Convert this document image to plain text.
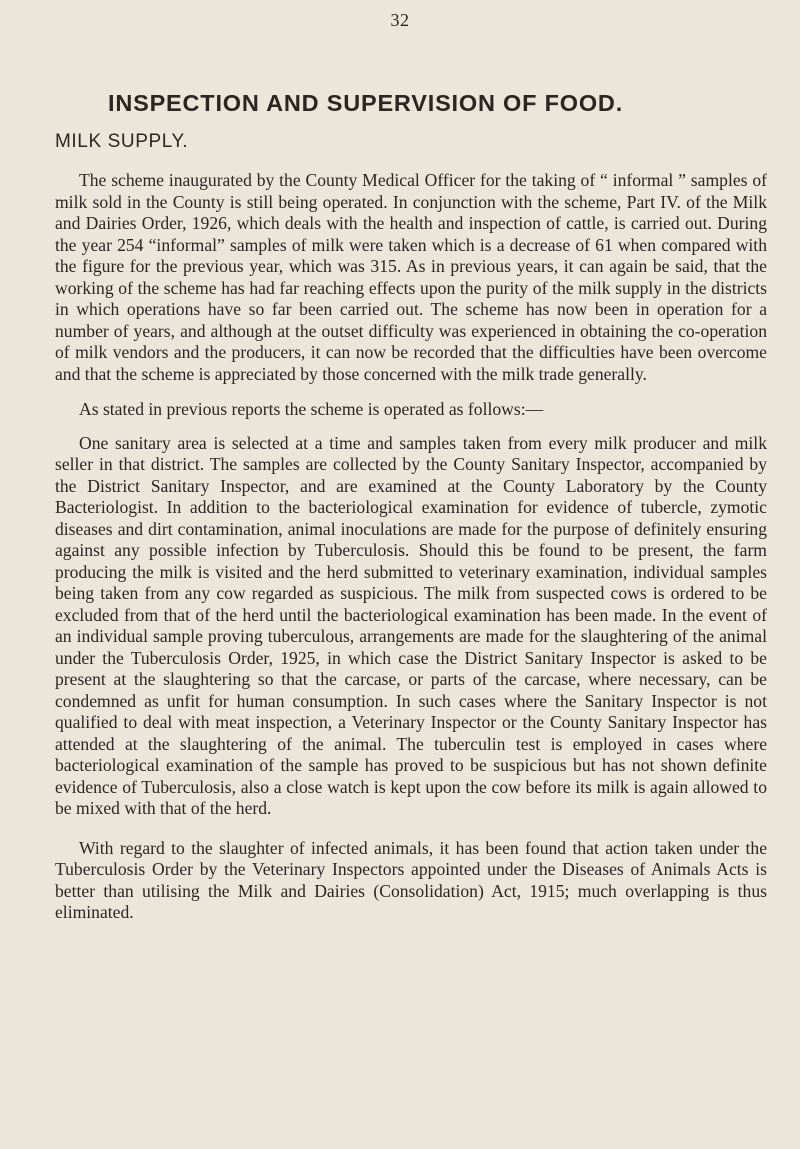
32
INSPECTION AND SUPERVISION OF FOOD.
MILK SUPPLY.

The scheme inaugurated by the County Medical Officer for the taking of “ informal ” samples of milk sold in the County is still being operated. In conjunction with the scheme, Part IV. of the Milk and Dairies Order, 1926, which deals with the health and inspection of cattle, is carried out. During the year 254 “informal” samples of milk were taken which is a decrease of 61 when compared with the figure for the previous year, which was 315. As in previous years, it can again be said, that the working of the scheme has had far reaching effects upon the purity of the milk supply in the districts in which operations have so far been carried out. The scheme has now been in operation for a number of years, and although at the outset difficulty was experienced in obtaining the co-operation of milk vendors and the producers, it can now be recorded that the difficulties have been overcome and that the scheme is appreciated by those concerned with the milk trade generally.

As stated in previous reports the scheme is operated as follows:—

One sanitary area is selected at a time and samples taken from every milk producer and milk seller in that district. The samples are collected by the County Sanitary Inspector, accompanied by the District Sanitary Inspector, and are examined at the County Laboratory by the County Bacteriologist. In addition to the bacteriological examination for evidence of tubercle, zymotic diseases and dirt contamination, animal inoculations are made for the purpose of definitely ensuring against any possible infection by Tuberculosis. Should this be found to be present, the farm producing the milk is visited and the herd submitted to veterinary examination, individual samples being taken from any cow regarded as suspicious. The milk from suspected cows is ordered to be excluded from that of the herd until the bacteriological examination has been made. In the event of an individual sample proving tuberculous, arrangements are made for the slaughtering of the animal under the Tuberculosis Order, 1925, in which case the District Sanitary Inspector is asked to be present at the slaughtering so that the carcase, or parts of the carcase, where necessary, can be condemned as unfit for human consumption. In such cases where the Sanitary Inspector is not qualified to deal with meat inspection, a Veterinary Inspector or the County Sanitary Inspector has attended at the slaughtering of the animal. The tuberculin test is employed in cases where bacteriological examination of the sample has proved to be suspicious but has not shown definite evidence of Tuberculosis, also a close watch is kept upon the cow before its milk is again allowed to be mixed with that of the herd.

With regard to the slaughter of infected animals, it has been found that action taken under the Tuberculosis Order by the Veterinary Inspectors appointed under the Diseases of Animals Acts is better than utilising the Milk and Dairies (Consolidation) Act, 1915; much overlapping is thus eliminated.
